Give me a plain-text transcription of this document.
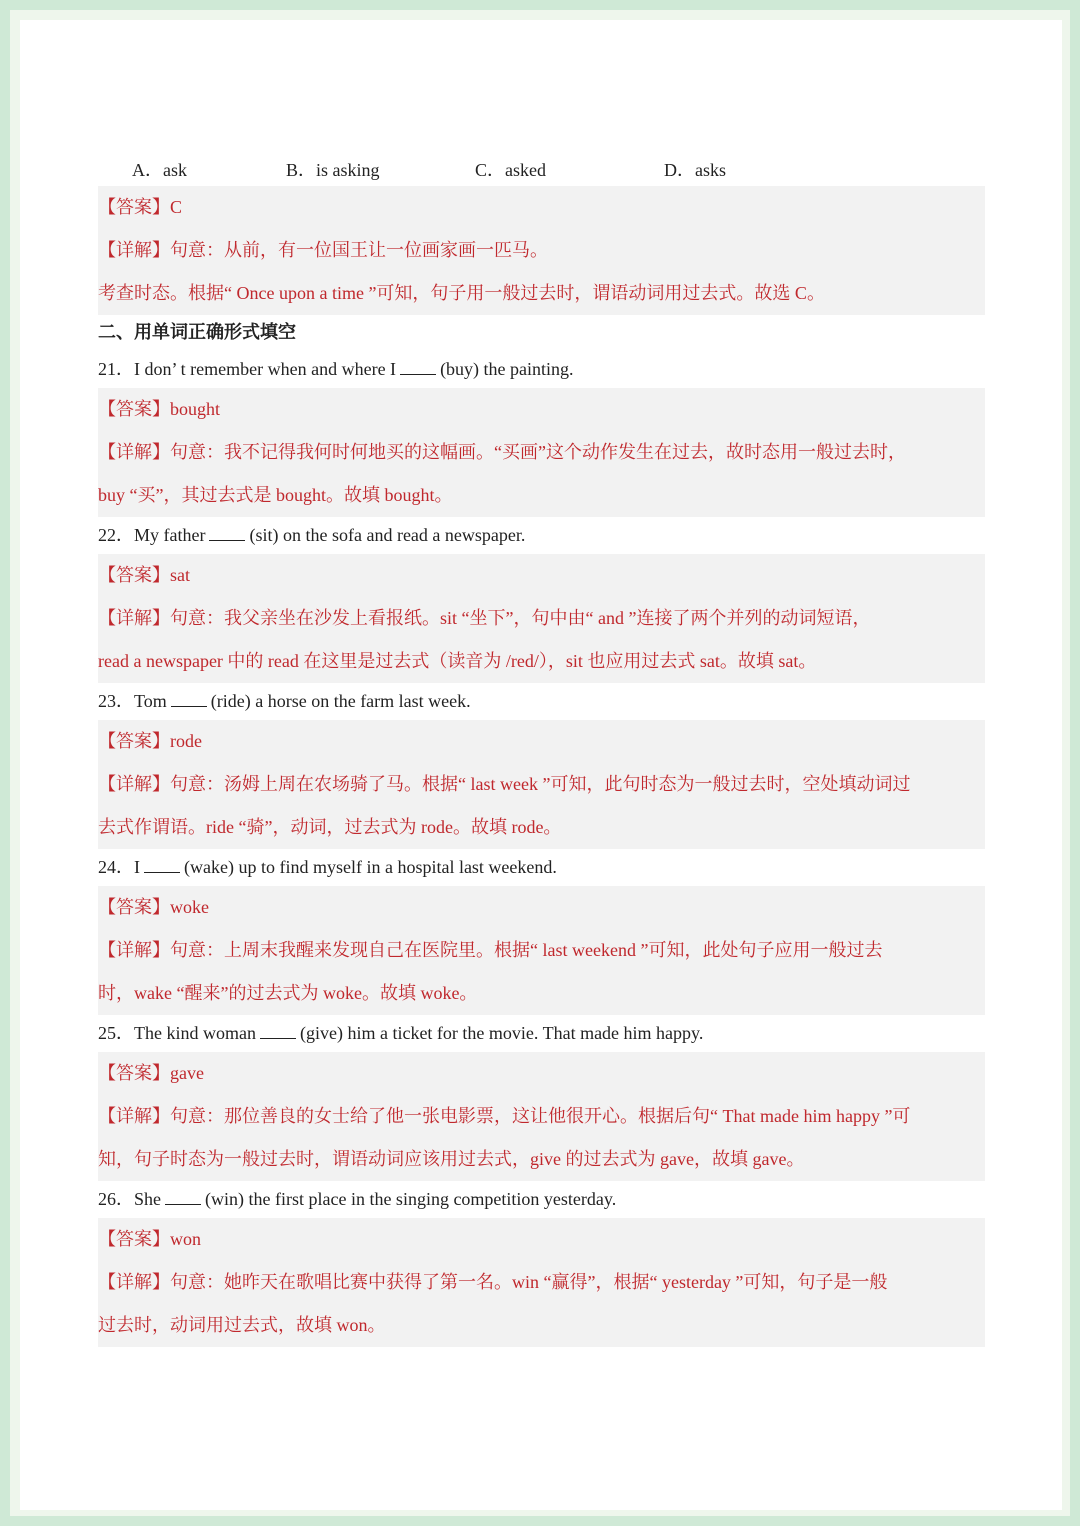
A．ask	B．is asking	C．asked	D．asks
【答案】C
【详解】句意：从前，有一位国王让一位画家画一匹马。
考查时态。根据“ Once upon a time ”可知，句子用一般过去时，谓语动词用过去式。故选 C。
二、用单词正确形式填空
21．I don’ t remember when and where I (buy) the painting.
【答案】bought
【详解】句意：我不记得我何时何地买的这幅画。“买画”这个动作发生在过去，故时态用一般过去时，
buy “买”，其过去式是 bought。故填 bought。
22．My father (sit) on the sofa and read a newspaper.
【答案】sat
【详解】句意：我父亲坐在沙发上看报纸。sit “坐下”，句中由“ and ”连接了两个并列的动词短语，
read a newspaper 中的 read 在这里是过去式（读音为 /red/），sit 也应用过去式 sat。故填 sat。
23．Tom (ride) a horse on the farm last week.
【答案】rode
【详解】句意：汤姆上周在农场骑了马。根据“ last week ”可知，此句时态为一般过去时，空处填动词过
去式作谓语。ride “骑”，动词，过去式为 rode。故填 rode。
24．I (wake) up to find myself in a hospital last weekend.
【答案】woke
【详解】句意：上周末我醒来发现自己在医院里。根据“ last weekend ”可知，此处句子应用一般过去
时，wake “醒来”的过去式为 woke。故填 woke。
25．The kind woman (give) him a ticket for the movie. That made him happy.
【答案】gave
【详解】句意：那位善良的女士给了他一张电影票，这让他很开心。根据后句“ That made him happy ”可
知，句子时态为一般过去时，谓语动词应该用过去式，give 的过去式为 gave，故填 gave。
26．She (win) the first place in the singing competition yesterday.
【答案】won
【详解】句意：她昨天在歌唱比赛中获得了第一名。win “赢得”，根据“ yesterday ”可知，句子是一般
过去时，动词用过去式，故填 won。
